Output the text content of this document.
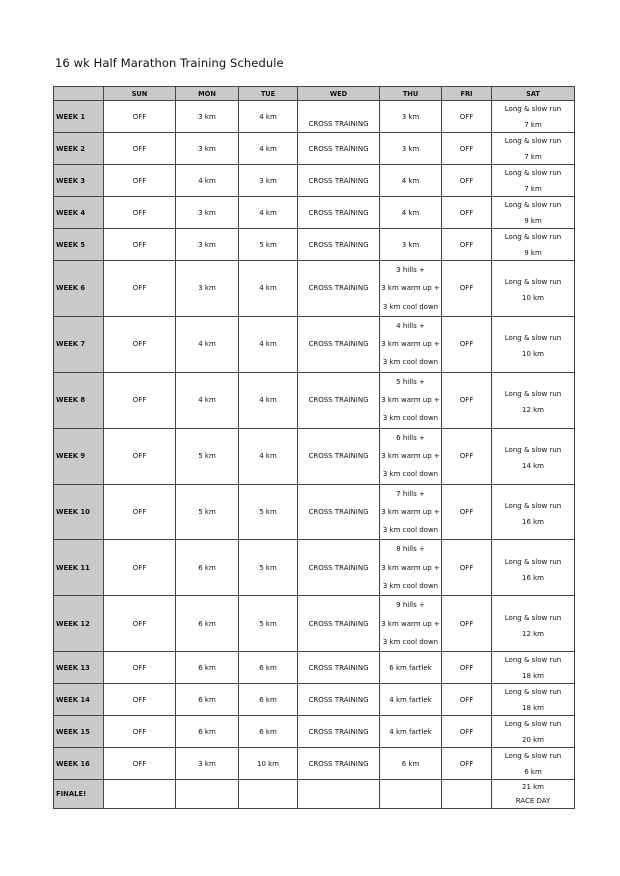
16 wk Half Marathon Training Schedule
	SUN	MON	TUE	WED	THU	FRI	SAT
WEEK 1	OFF	3 km	4 km	CROSS TRAINING	3 km	OFF	Long & slow run
7 km

WEEK 2	OFF	3 km	4 km	CROSS TRAINING	3 km	OFF	Long & slow run
7 km

WEEK 3	OFF	4 km	3 km	CROSS TRAINING	4 km	OFF	Long & slow run
7 km

WEEK 4	OFF	3 km	4 km	CROSS TRAINING	4 km	OFF	Long & slow run
9 km

WEEK 5	OFF	3 km	5 km	CROSS TRAINING	3 km	OFF	Long & slow run
9 km

WEEK 6	OFF	3 km	4 km	CROSS TRAINING	3 hills +
3 km warm up +
3 km cool down	OFF	Long & slow run
10 km

WEEK 7	OFF	4 km	4 km	CROSS TRAINING	4 hills +
3 km warm up +
3 km cool down	OFF	Long & slow run
10 km

WEEK 8	OFF	4 km	4 km	CROSS TRAINING	5 hills +
3 km warm up +
3 km cool down	OFF	Long & slow run
12 km

WEEK 9	OFF	5 km	4 km	CROSS TRAINING	6 hills +
3 km warm up +
3 km cool down	OFF	Long & slow run
14 km

WEEK 10	OFF	5 km	5 km	CROSS TRAINING	7 hills +
3 km warm up +
3 km cool down	OFF	Long & slow run
16 km

WEEK 11	OFF	6 km	5 km	CROSS TRAINING	8 hills +
3 km warm up +
3 km cool down	OFF	Long & slow run
16 km

WEEK 12	OFF	6 km	5 km	CROSS TRAINING	9 hills +
3 km warm up +
3 km cool down	OFF	Long & slow run
12 km

WEEK 13	OFF	6 km	6 km	CROSS TRAINING	6 km fartlek	OFF	Long & slow run
18 km

WEEK 14	OFF	6 km	6 km	CROSS TRAINING	4 km fartlek	OFF	Long & slow run
18 km

WEEK 15	OFF	6 km	6 km	CROSS TRAINING	4 km fartlek	OFF	Long & slow run
20 km

WEEK 16	OFF	3 km	10 km	CROSS TRAINING	6 km	OFF	Long & slow run
6 km

FINALE!							21 km
RACE DAY
